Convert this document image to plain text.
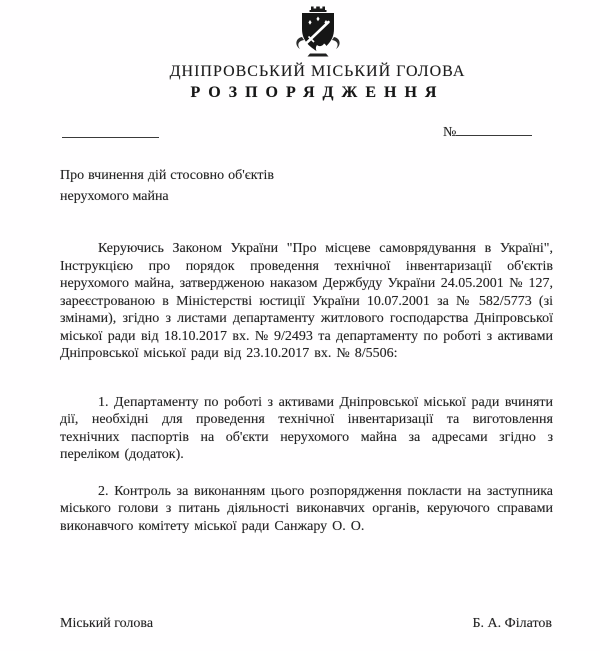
ДНІПРОВСЬКИЙ МІСЬКИЙ ГОЛОВА
РОЗПОРЯДЖЕННЯ
№
Про вчинення дій стосовно об'єктів нерухомого майна

Керуючись Законом України "Про місцеве самоврядування в Україні", Інструкцією про порядок проведення технічної інвентаризації об'єктів нерухомого майна, затвердженою наказом Держбуду України 24.05.2001 № 127, зареєстрованою в Міністерстві юстиції України 10.07.2001 за № 582/5773 (зі змінами), згідно з листами департаменту житлового господарства Дніпровської міської ради від 18.10.2017 вх. № 9/2493 та департаменту по роботі з активами Дніпровської міської ради від 23.10.2017 вх. № 8/5506:

1. Департаменту по роботі з активами Дніпровської міської ради вчиняти дії, необхідні для проведення технічної інвентаризації та виготовлення технічних паспортів на об'єкти нерухомого майна за адресами згідно з переліком (додаток).

2. Контроль за виконанням цього розпорядження покласти на заступника міського голови з питань діяльності виконавчих органів, керуючого справами виконавчого комітету міської ради Санжару О. О.

Міський голова	Б. А. Філатов
